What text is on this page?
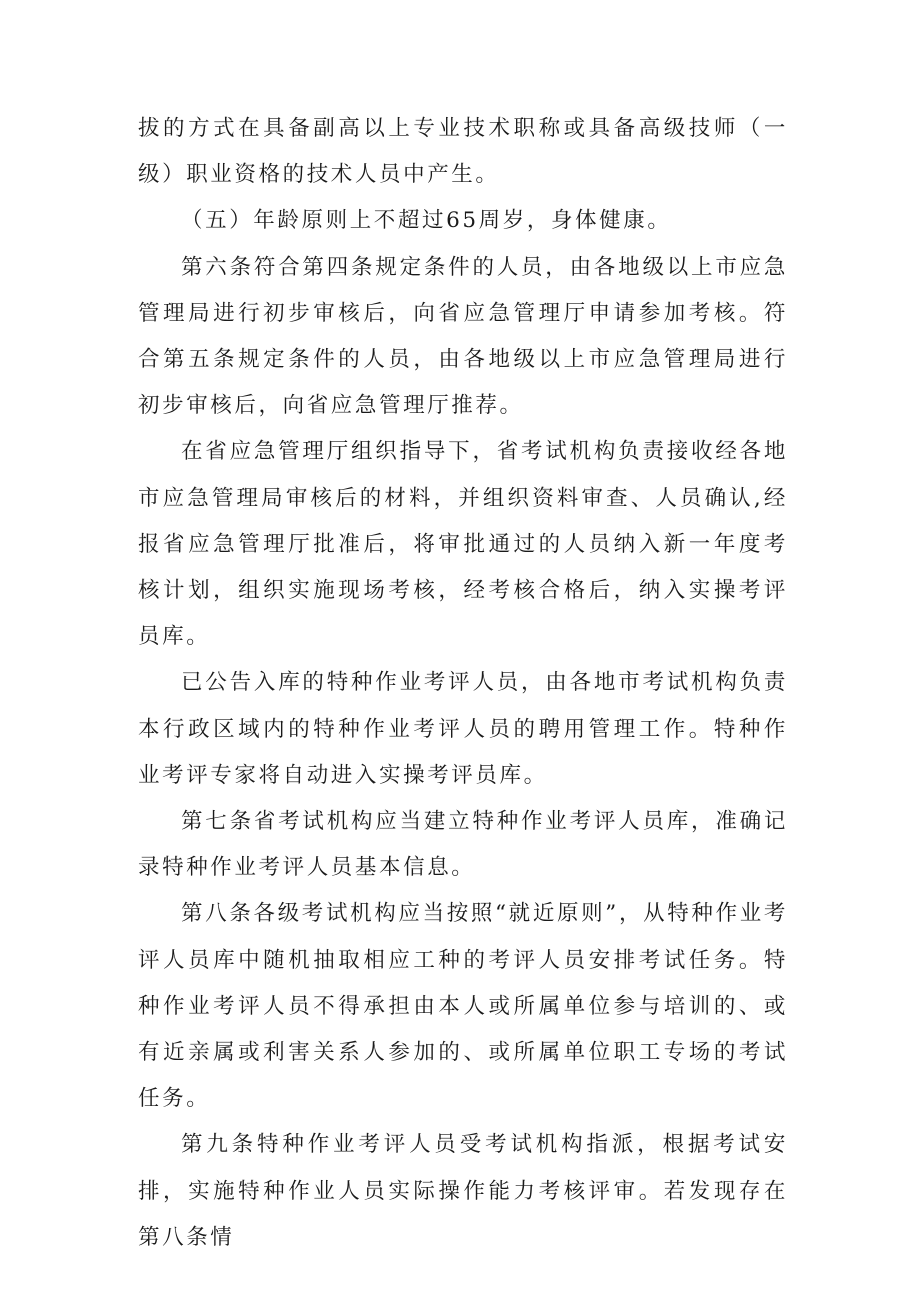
拔的方式在具备副高以上专业技术职称或具备高级技师（一级）职业资格的技术人员中产生。

（五）年龄原则上不超过65周岁，身体健康。

第六条符合第四条规定条件的人员，由各地级以上市应急管理局进行初步审核后，向省应急管理厅申请参加考核。符合第五条规定条件的人员，由各地级以上市应急管理局进行初步审核后，向省应急管理厅推荐。

在省应急管理厅组织指导下，省考试机构负责接收经各地市应急管理局审核后的材料，并组织资料审查、人员确认,经报省应急管理厅批准后，将审批通过的人员纳入新一年度考核计划，组织实施现场考核，经考核合格后，纳入实操考评员库。

已公告入库的特种作业考评人员，由各地市考试机构负责本行政区域内的特种作业考评人员的聘用管理工作。特种作业考评专家将自动进入实操考评员库。

第七条省考试机构应当建立特种作业考评人员库，准确记录特种作业考评人员基本信息。

第八条各级考试机构应当按照“就近原则”，从特种作业考评人员库中随机抽取相应工种的考评人员安排考试任务。特种作业考评人员不得承担由本人或所属单位参与培训的、或有近亲属或利害关系人参加的、或所属单位职工专场的考试任务。

第九条特种作业考评人员受考试机构指派，根据考试安排，实施特种作业人员实际操作能力考核评审。若发现存在第八条情
